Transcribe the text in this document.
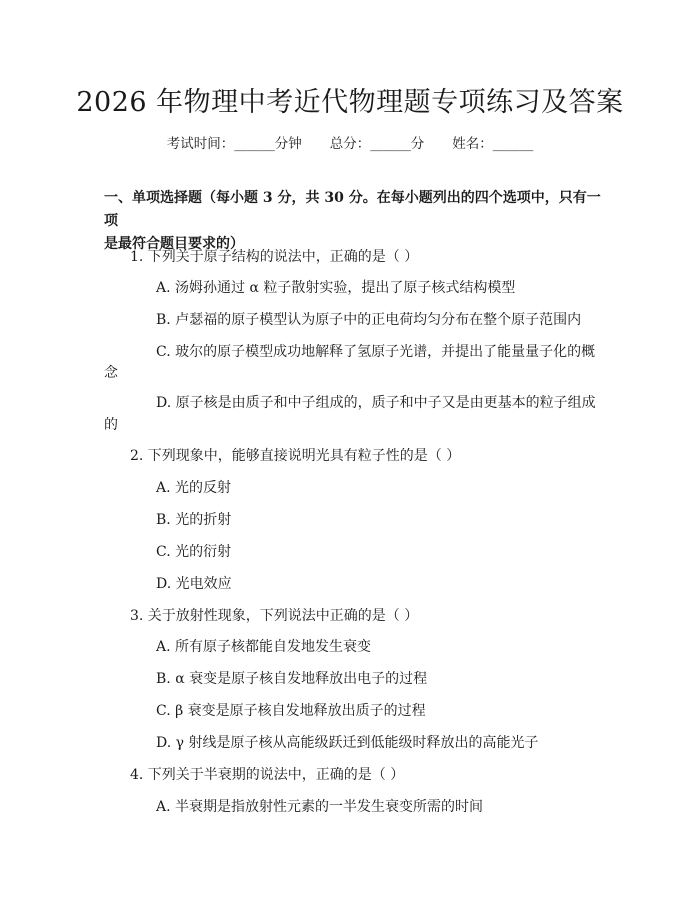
2026 年物理中考近代物理题专项练习及答案
考试时间：______分钟 总分：______分 姓名：______
一、单项选择题（每小题 3 分，共 30 分。在每小题列出的四个选项中，只有一项
是最符合题目要求的）
1. 下列关于原子结构的说法中，正确的是（ ）
A. 汤姆孙通过 α 粒子散射实验，提出了原子核式结构模型
B. 卢瑟福的原子模型认为原子中的正电荷均匀分布在整个原子范围内
C. 玻尔的原子模型成功地解释了氢原子光谱，并提出了能量量子化的概
念
D. 原子核是由质子和中子组成的，质子和中子又是由更基本的粒子组成
的
2. 下列现象中，能够直接说明光具有粒子性的是（ ）
A. 光的反射
B. 光的折射
C. 光的衍射
D. 光电效应
3. 关于放射性现象，下列说法中正确的是（ ）
A. 所有原子核都能自发地发生衰变
B. α 衰变是原子核自发地释放出电子的过程
C. β 衰变是原子核自发地释放出质子的过程
D. γ 射线是原子核从高能级跃迁到低能级时释放出的高能光子
4. 下列关于半衰期的说法中，正确的是（ ）
A. 半衰期是指放射性元素的一半发生衰变所需的时间
